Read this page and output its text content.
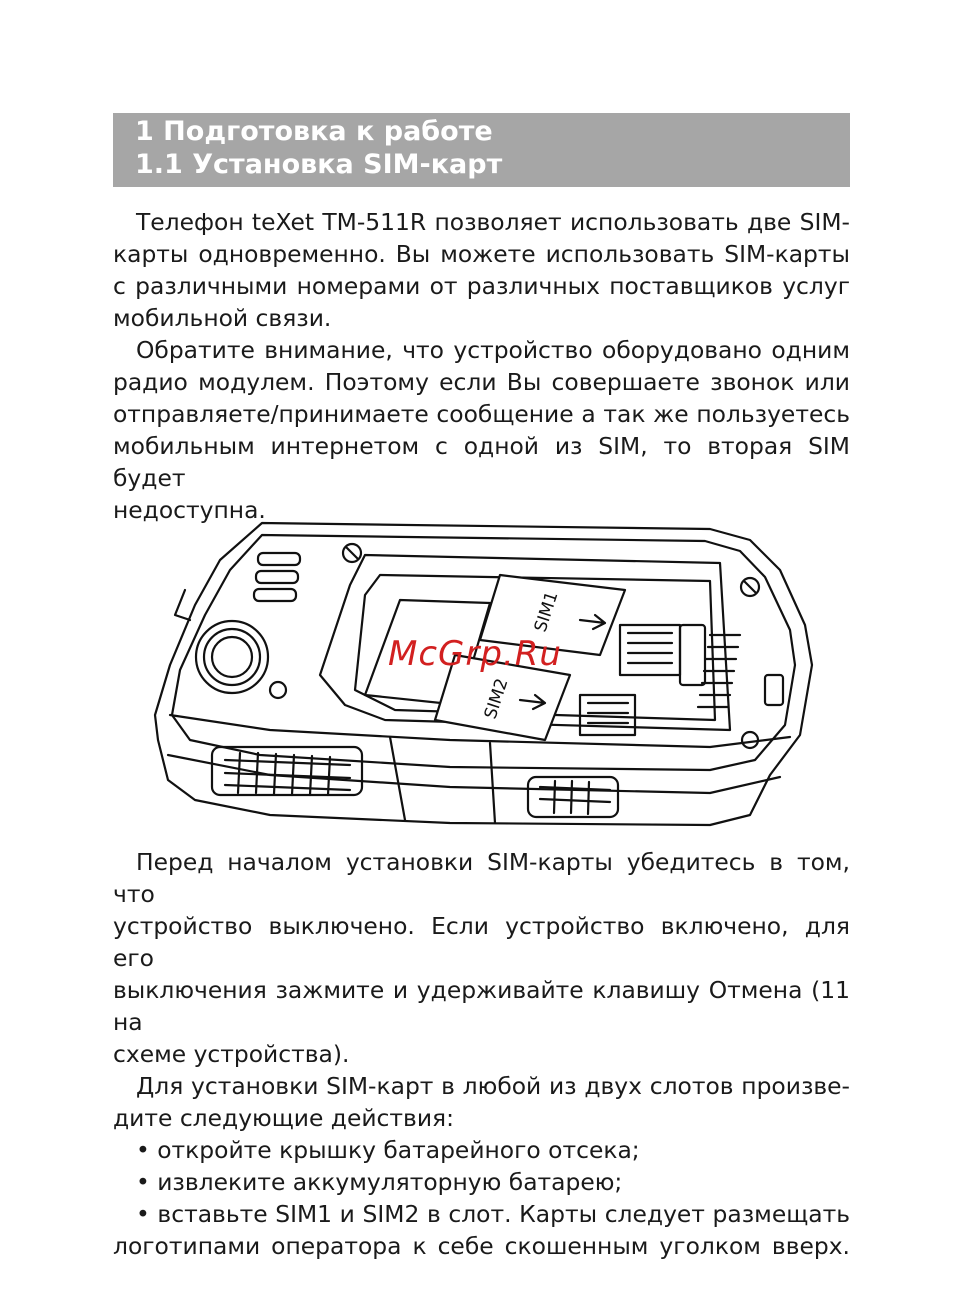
1 Подготовка к работе
1.1 Установка SIM-карт

Телефон teXet TM-511R позволяет использовать две SIM-

карты одновременно. Вы можете использовать SIM-карты

с различными номерами от различных поставщиков услуг

мобильной связи.

Обратите внимание, что устройство оборудовано одним

радио модулем. Поэтому если Вы совершаете звонок или

отправляете/принимаете сообщение а так же пользуетесь

мобильным интернетом с одной из SIM, то вторая SIM будет

недоступна.

SIM1
SIM2
McGrp.Ru

Перед началом установки SIM-карты убедитесь в том, что

устройство выключено. Если устройство включено, для его

выключения зажмите и удерживайте клавишу Отмена (11 на

схеме устройства).

Для установки SIM-карт в любой из двух слотов произве-

дите следующие действия:

• откройте крышку батарейного отсека;

• извлеките аккумуляторную батарею;

• вставьте SIM1 и SIM2 в слот. Карты следует размещать

логотипами оператора к себе скошенным уголком вверх.
